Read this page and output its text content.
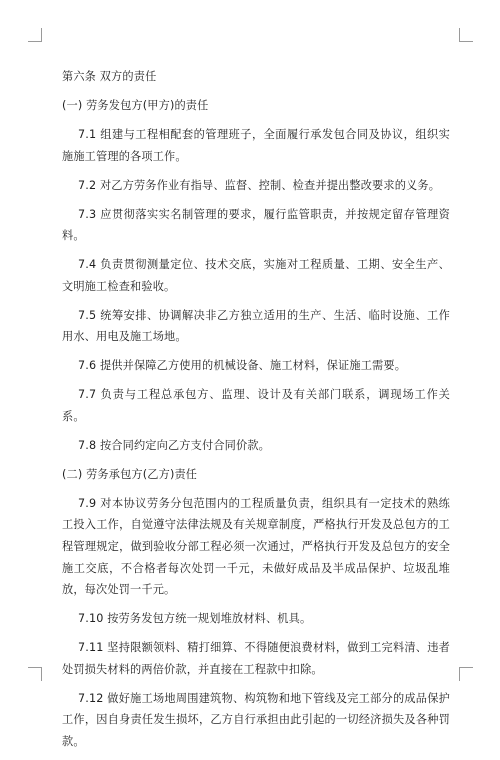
第六条 双方的责任

(一) 劳务发包方(甲方)的责任

7.1 组建与工程相配套的管理班子，全面履行承发包合同及协议，组织实施施工管理的各项工作。

7.2 对乙方劳务作业有指导、监督、控制、检查并提出整改要求的义务。

7.3 应贯彻落实实名制管理的要求，履行监管职责，并按规定留存管理资料。

7.4 负责贯彻测量定位、技术交底，实施对工程质量、工期、安全生产、文明施工检查和验收。

7.5 统筹安排、协调解决非乙方独立适用的生产、生活、临时设施、工作用水、用电及施工场地。

7.6 提供并保障乙方使用的机械设备、施工材料，保证施工需要。

7.7 负责与工程总承包方、监理、设计及有关部门联系，调现场工作关系。

7.8 按合同约定向乙方支付合同价款。

(二) 劳务承包方(乙方)责任

7.9 对本协议劳务分包范围内的工程质量负责，组织具有一定技术的熟练工投入工作，自觉遵守法律法规及有关规章制度，严格执行开发及总包方的工程管理规定，做到验收分部工程必须一次通过，严格执行开发及总包方的安全施工交底，不合格者每次处罚一千元，未做好成品及半成品保护、垃圾乱堆放，每次处罚一千元。

7.10 按劳务发包方统一规划堆放材料、机具。

7.11 坚持限额领料、精打细算、不得随便浪费材料，做到工完料清、违者处罚损失材料的两倍价款，并直接在工程款中扣除。

7.12 做好施工场地周围建筑物、构筑物和地下管线及完工部分的成品保护工作，因自身责任发生损坏，乙方自行承担由此引起的一切经济损失及各种罚款。
